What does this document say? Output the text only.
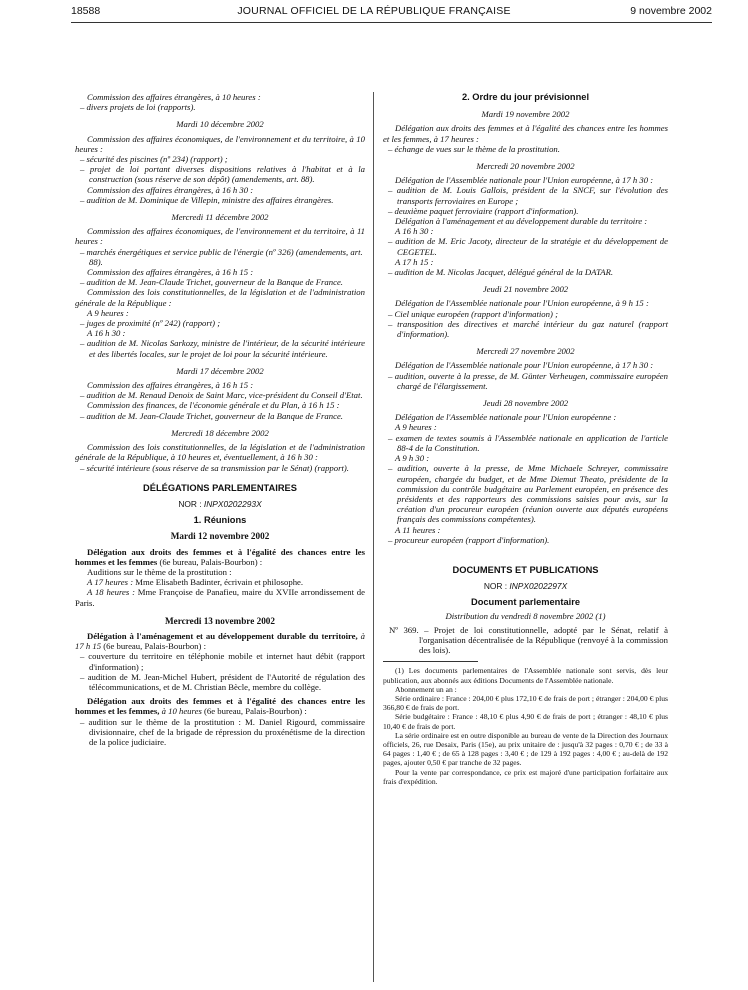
18588	JOURNAL OFFICIEL DE LA RÉPUBLIQUE FRANÇAISE	9 novembre 2002

Commission des affaires étrangères, à 10 heures :

– divers projets de loi (rapports).

Mardi 10 décembre 2002

Commission des affaires économiques, de l'environnement et du territoire, à 10 heures :

– sécurité des piscines (nº 234) (rapport) ;

– projet de loi portant diverses dispositions relatives à l'habitat et à la construction (sous réserve de son dépôt) (amendements, art. 88).

Commission des affaires étrangères, à 16 h 30 :

– audition de M. Dominique de Villepin, ministre des affaires étrangères.

Mercredi 11 décembre 2002

Commission des affaires économiques, de l'environnement et du territoire, à 11 heures :

– marchés énergétiques et service public de l'énergie (nº 326) (amendements, art. 88).

Commission des affaires étrangères, à 16 h 15 :

– audition de M. Jean-Claude Trichet, gouverneur de la Banque de France.

Commission des lois constitutionnelles, de la législation et de l'administration générale de la République :

A 9 heures :

– juges de proximité (nº 242) (rapport) ;

A 16 h 30 :

– audition de M. Nicolas Sarkozy, ministre de l'intérieur, de la sécurité intérieure et des libertés locales, sur le projet de loi pour la sécurité intérieure.

Mardi 17 décembre 2002

Commission des affaires étrangères, à 16 h 15 :

– audition de M. Renaud Denoix de Saint Marc, vice-président du Conseil d'Etat.

Commission des finances, de l'économie générale et du Plan, à 16 h 15 :

– audition de M. Jean-Claude Trichet, gouverneur de la Banque de France.

Mercredi 18 décembre 2002

Commission des lois constitutionnelles, de la législation et de l'administration générale de la République, à 10 heures et, éventuellement, à 16 h 30 :

– sécurité intérieure (sous réserve de sa transmission par le Sénat) (rapport).

DÉLÉGATIONS PARLEMENTAIRES

NOR : INPX0202293X

1. Réunions

Mardi 12 novembre 2002

Délégation aux droits des femmes et à l'égalité des chances entre les hommes et les femmes (6e bureau, Palais-Bourbon) :

Auditions sur le thème de la prostitution :

A 17 heures : Mme Elisabeth Badinter, écrivain et philosophe.

A 18 heures : Mme Françoise de Panafieu, maire du XVIIe arrondissement de Paris.

Mercredi 13 novembre 2002

Délégation à l'aménagement et au développement durable du territoire, à 17 h 15 (6e bureau, Palais-Bourbon) :

– couverture du territoire en téléphonie mobile et internet haut débit (rapport d'information) ;

– audition de M. Jean-Michel Hubert, président de l'Autorité de régulation des télécommunications, et de M. Christian Bècle, membre du collège.

Délégation aux droits des femmes et à l'égalité des chances entre les hommes et les femmes, à 10 heures (6e bureau, Palais-Bourbon) :

– audition sur le thème de la prostitution : M. Daniel Rigourd, commissaire divisionnaire, chef de la brigade de répression du proxénétisme de la direction de la police judiciaire.

2. Ordre du jour prévisionnel

Mardi 19 novembre 2002

Délégation aux droits des femmes et à l'égalité des chances entre les hommes et les femmes, à 17 heures :

– échange de vues sur le thème de la prostitution.

Mercredi 20 novembre 2002

Délégation de l'Assemblée nationale pour l'Union européenne, à 17 h 30 :

– audition de M. Louis Gallois, président de la SNCF, sur l'évolution des transports ferroviaires en Europe ;

– deuxième paquet ferroviaire (rapport d'information).

Délégation à l'aménagement et au développement durable du territoire :

A 16 h 30 :

– audition de M. Eric Jacoty, directeur de la stratégie et du développement de CEGETEL.

A 17 h 15 :

– audition de M. Nicolas Jacquet, délégué général de la DATAR.

Jeudi 21 novembre 2002

Délégation de l'Assemblée nationale pour l'Union européenne, à 9 h 15 :

– Ciel unique européen (rapport d'information) ;

– transposition des directives et marché intérieur du gaz naturel (rapport d'information).

Mercredi 27 novembre 2002

Délégation de l'Assemblée nationale pour l'Union européenne, à 17 h 30 :

– audition, ouverte à la presse, de M. Günter Verheugen, commissaire européen chargé de l'élargissement.

Jeudi 28 novembre 2002

Délégation de l'Assemblée nationale pour l'Union européenne :

A 9 heures :

– examen de textes soumis à l'Assemblée nationale en application de l'article 88-4 de la Constitution.

A 9 h 30 :

– audition, ouverte à la presse, de Mme Michaele Schreyer, commissaire européen, chargée du budget, et de Mme Diemut Theato, présidente de la commission du contrôle budgétaire au Parlement européen, en présence des présidents et des rapporteurs des commissions saisies pour avis, sur la création d'un procureur européen (réunion ouverte aux députés européens français des commissions compétentes).

A 11 heures :

– procureur européen (rapport d'information).

DOCUMENTS ET PUBLICATIONS

NOR : INPX0202297X

Document parlementaire

Distribution du vendredi 8 novembre 2002 (1)

Nº 369. – Projet de loi constitutionnelle, adopté par le Sénat, relatif à l'organisation décentralisée de la République (renvoyé à la commission des lois).

(1) Les documents parlementaires de l'Assemblée nationale sont servis, dès leur publication, aux abonnés aux éditions Documents de l'Assemblée nationale.

Abonnement un an :

Série ordinaire : France : 204,00 € plus 172,10 € de frais de port ; étranger : 204,00 € plus 366,80 € de frais de port.

Série budgétaire : France : 48,10 € plus 4,90 € de frais de port ; étranger : 48,10 € plus 10,40 € de frais de port.

La série ordinaire est en outre disponible au bureau de vente de la Direction des Journaux officiels, 26, rue Desaix, Paris (15e), au prix unitaire de : jusqu'à 32 pages : 0,70 € ; de 33 à 64 pages : 1,40 € ; de 65 à 128 pages : 3,40 € ; de 129 à 192 pages : 4,00 € ; au-delà de 192 pages, ajouter 0,50 € par tranche de 32 pages.

Pour la vente par correspondance, ce prix est majoré d'une participation forfaitaire aux frais d'expédition.
